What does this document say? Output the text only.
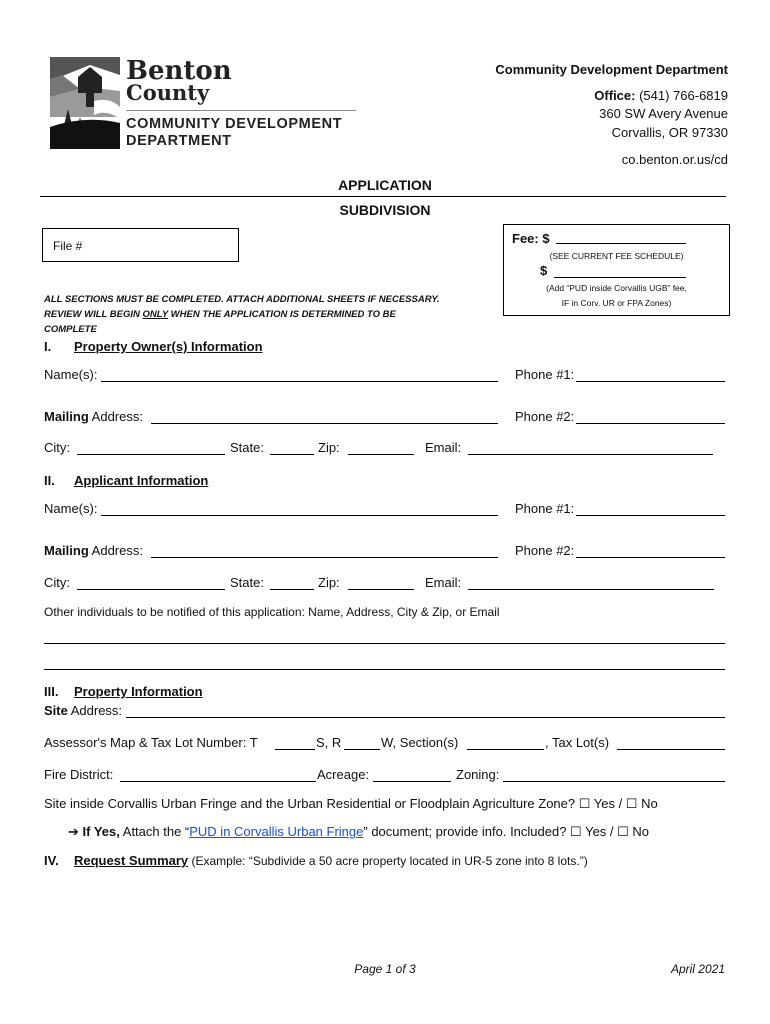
Benton
County
COMMUNITY DEVELOPMENT
DEPARTMENT
Community Development Department
Office: (541) 766-6819
360 SW Avery Avenue
Corvallis, OR 97330
co.benton.or.us/cd
APPLICATION
SUBDIVISION
File #	Fee: $
(SEE CURRENT FEE SCHEDULE)
$
(Add “PUD inside Corvallis UGB” fee,
IF in Corv. UR or FPA Zones)
ALL SECTIONS MUST BE COMPLETED. ATTACH ADDITIONAL SHEETS IF NECESSARY.
REVIEW WILL BEGIN ONLY WHEN THE APPLICATION IS DETERMINED TO BE
COMPLETE
I. Property Owner(s) Information
Name(s):	Phone #1:
Mailing Address:	Phone #2:
City:	State:	Zip:	Email:
II. Applicant Information
Name(s):	Phone #1:
Mailing Address:	Phone #2:
City:	State:	Zip:	Email:
Other individuals to be notified of this application: Name, Address, City & Zip, or Email
III. Property Information
Site Address:
Assessor's Map & Tax Lot Number: T	S, R	W, Section(s)	, Tax Lot(s)
Fire District:	Acreage:	Zoning:
Site inside Corvallis Urban Fringe and the Urban Residential or Floodplain Agriculture Zone? ☐ Yes / ☐ No
➔ If Yes, Attach the “PUD in Corvallis Urban Fringe” document; provide info. Included? ☐ Yes / ☐ No
IV. Request Summary (Example: “Subdivide a 50 acre property located in UR-5 zone into 8 lots.”)
Page 1 of 3	April 2021
